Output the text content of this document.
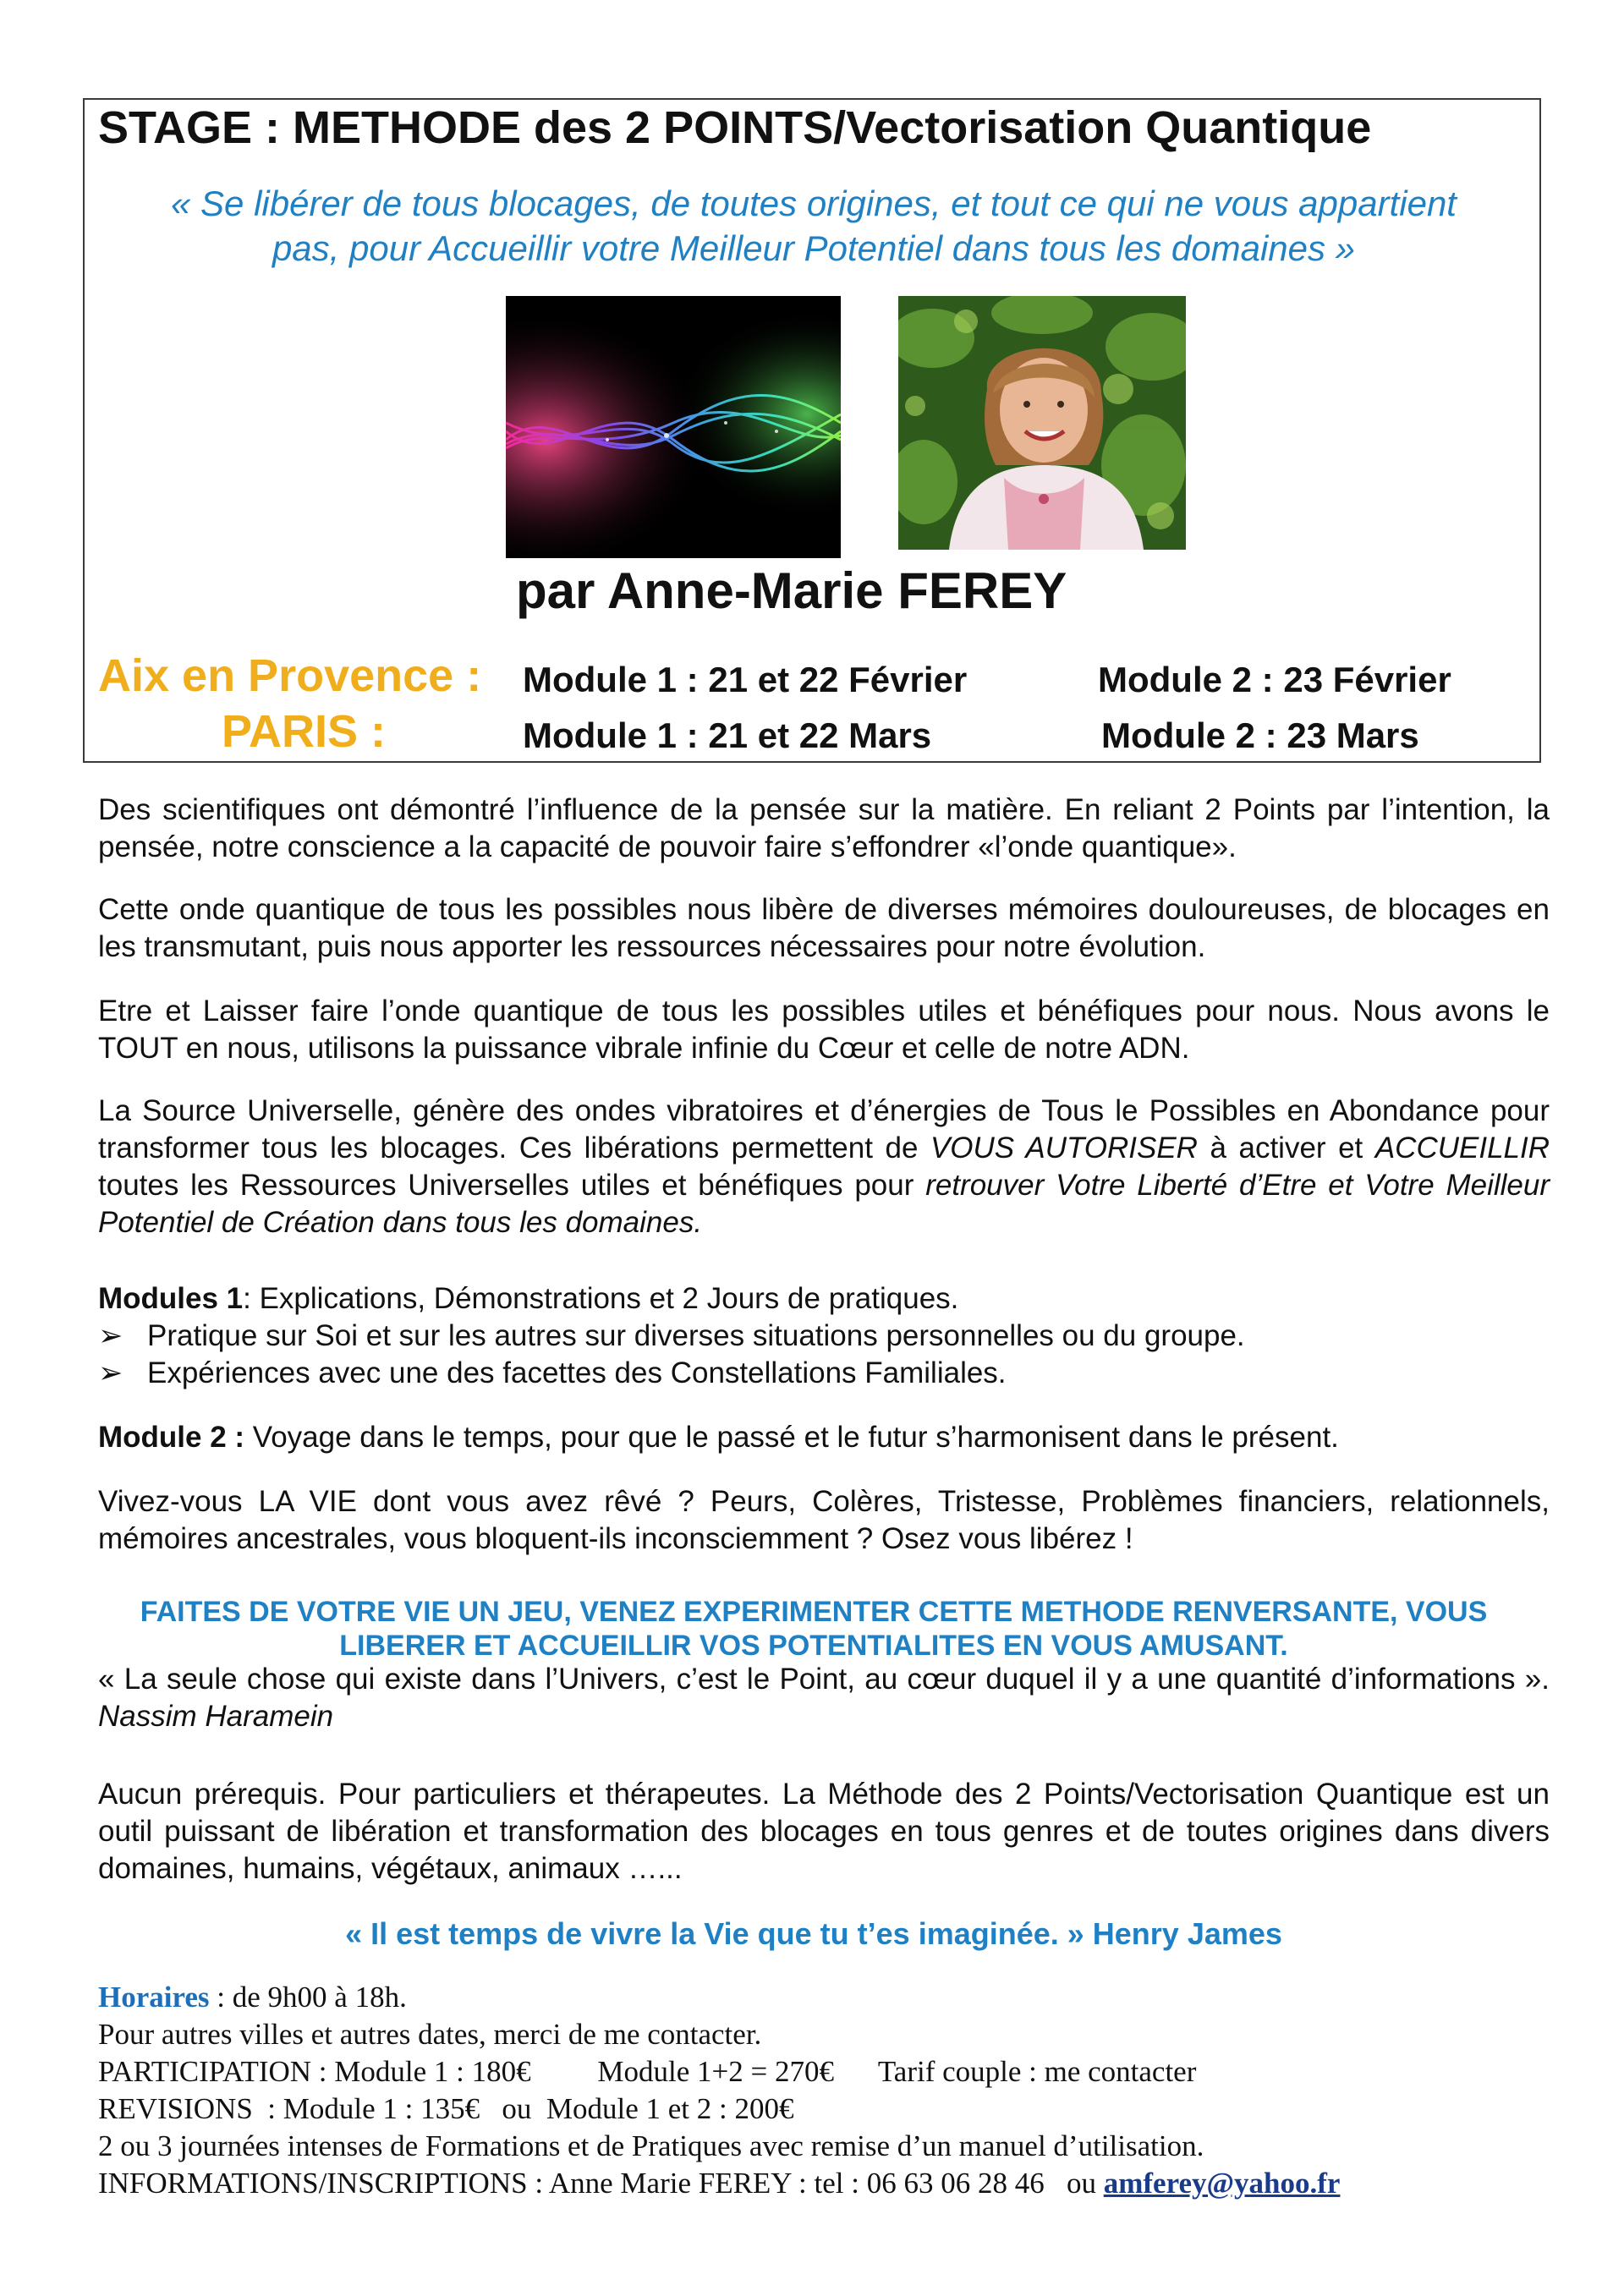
STAGE : METHODE des 2 POINTS/Vectorisation Quantique
« Se libérer de tous blocages, de toutes origines, et tout ce qui ne vous appartient
pas, pour Accueillir votre Meilleur Potentiel dans tous les domaines »
par Anne-Marie FEREY
Aix en Provence : Module 1 : 21 et 22 Février	Module 2 : 23 Février
PARIS :	Module 1 : 21 et 22 Mars	Module 2 : 23 Mars
Des scientifiques ont démontré l’influence de la pensée sur la matière. En reliant 2 Points par l’intention, la pensée, notre conscience a la capacité de pouvoir faire s’effondrer «l’onde quantique».
Cette onde quantique de tous les possibles nous libère de diverses mémoires douloureuses, de blocages en les transmutant, puis nous apporter les ressources nécessaires pour notre évolution.
Etre et Laisser faire l’onde quantique de tous les possibles utiles et bénéfiques pour nous. Nous avons le TOUT en nous, utilisons la puissance vibrale infinie du Cœur et celle de notre ADN.
La Source Universelle, génère des ondes vibratoires et d’énergies de Tous le Possibles en Abondance pour transformer tous les blocages. Ces libérations permettent de VOUS AUTORISER à activer et ACCUEILLIR toutes les Ressources Universelles utiles et bénéfiques pour retrouver Votre Liberté d’Etre et Votre Meilleur Potentiel de Création dans tous les domaines.
Modules 1: Explications, Démonstrations et 2 Jours de pratiques.
➢ Pratique sur Soi et sur les autres sur diverses situations personnelles ou du groupe.
➢ Expériences avec une des facettes des Constellations Familiales.
Module 2 : Voyage dans le temps, pour que le passé et le futur s’harmonisent dans le présent.
Vivez-vous LA VIE dont vous avez rêvé ? Peurs, Colères, Tristesse, Problèmes financiers, relationnels, mémoires ancestrales, vous bloquent-ils inconsciemment ? Osez vous libérez !
FAITES DE VOTRE VIE UN JEU, VENEZ EXPERIMENTER CETTE METHODE RENVERSANTE, VOUS
LIBERER ET ACCUEILLIR VOS POTENTIALITES EN VOUS AMUSANT.
« La seule chose qui existe dans l’Univers, c’est le Point, au cœur duquel il y a une quantité d’informations ». Nassim Haramein
Aucun prérequis. Pour particuliers et thérapeutes. La Méthode des 2 Points/Vectorisation Quantique est un outil puissant de libération et transformation des blocages en tous genres et de toutes origines dans divers domaines, humains, végétaux, animaux …...
« Il est temps de vivre la Vie que tu t’es imaginée. » Henry James
Horaires : de 9h00 à 18h.
Pour autres villes et autres dates, merci de me contacter.
PARTICIPATION : Module 1 : 180€         Module 1+2 = 270€      Tarif couple : me contacter
REVISIONS  : Module 1 : 135€   ou  Module 1 et 2 : 200€
2 ou 3 journées intenses de Formations et de Pratiques avec remise d’un manuel d’utilisation.
INFORMATIONS/INSCRIPTIONS : Anne Marie FEREY : tel : 06 63 06 28 46   ou amferey@yahoo.fr
